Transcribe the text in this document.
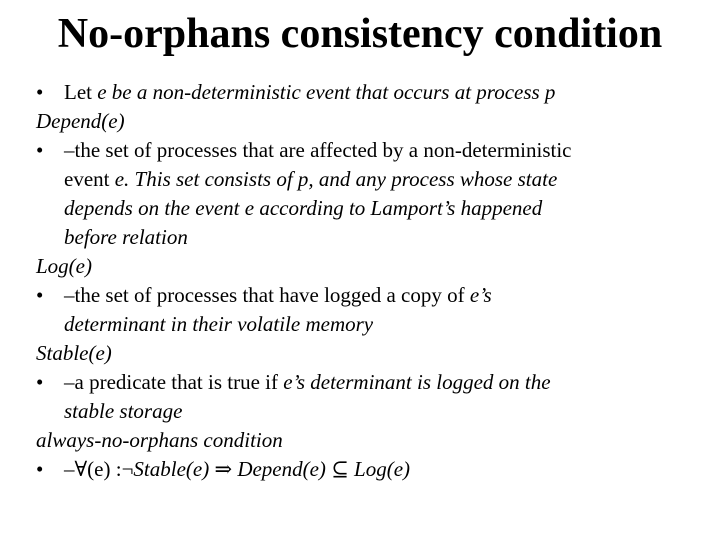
No-orphans consistency condition
• Let e be a non-deterministic event that occurs at process p
Depend(e)
• –the set of processes that are affected by a non-deterministic
event e. This set consists of p, and any process whose state
depends on the event e according to Lamport’s happened
before relation
Log(e)
• –the set of processes that have logged a copy of e’s
determinant in their volatile memory
Stable(e)
• –a predicate that is true if e’s determinant is logged on the
stable storage
always-no-orphans condition
• –∀(e) :¬Stable(e) ⇒ Depend(e) ⊆ Log(e)
